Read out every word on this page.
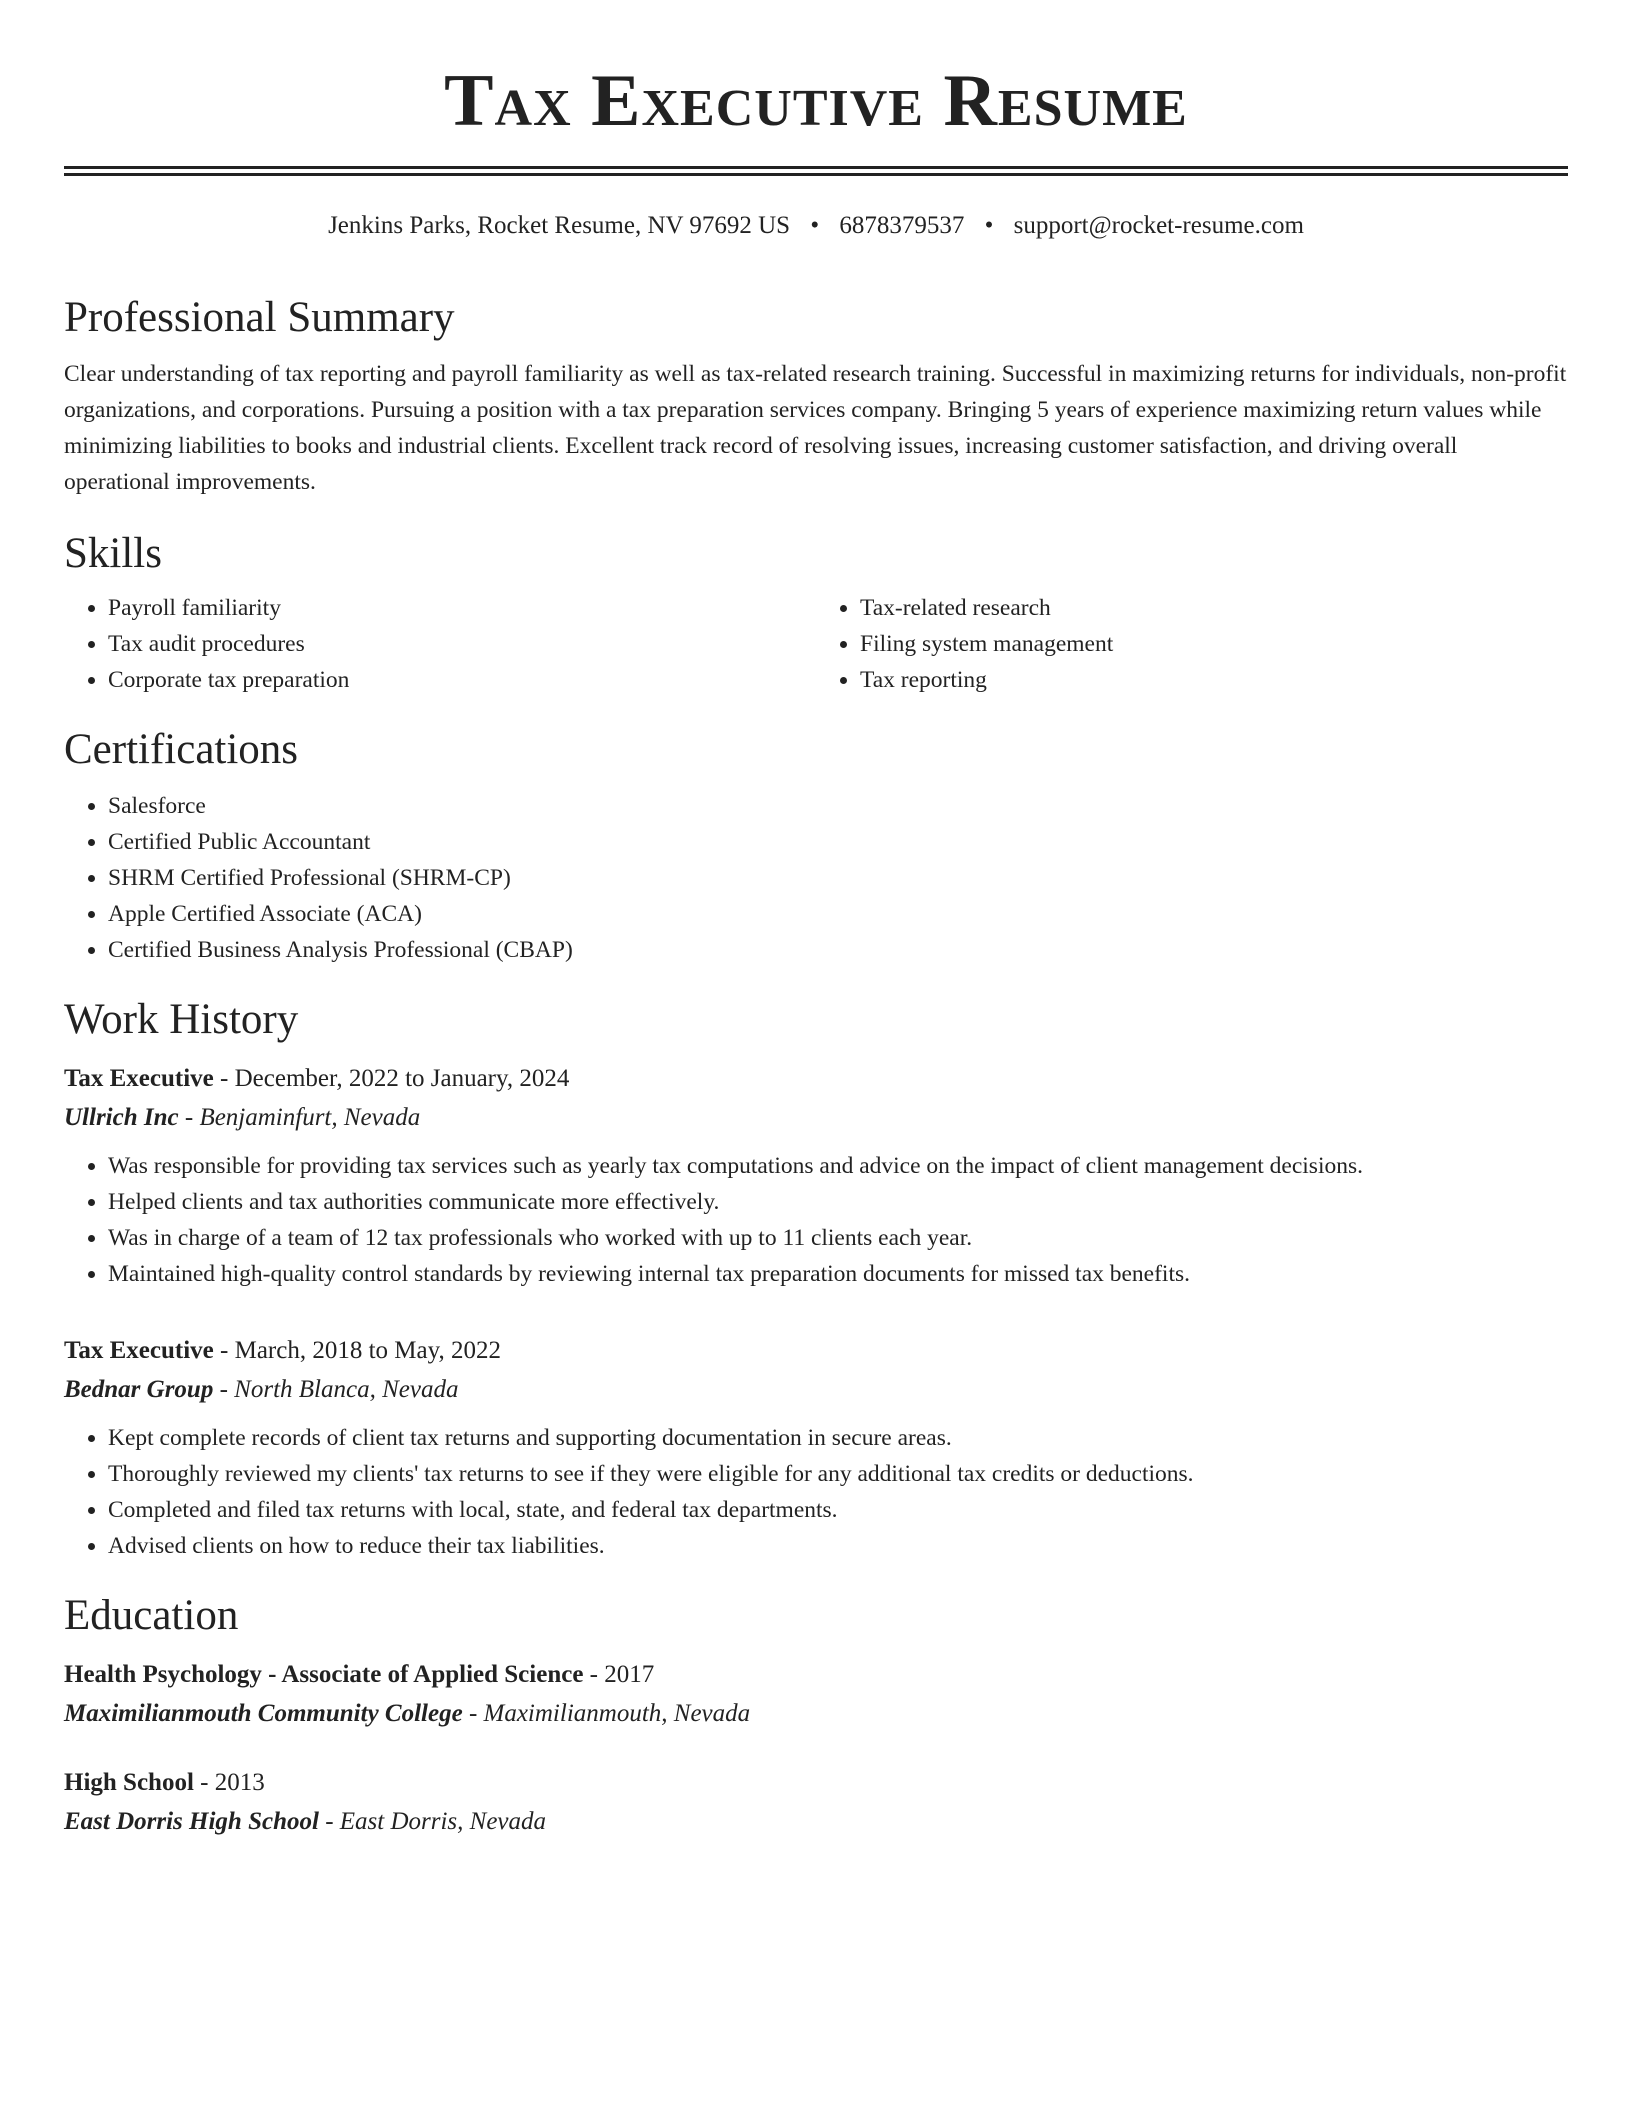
Tax Executive Resume
Jenkins Parks, Rocket Resume, NV 97692 US • 6878379537 • support@rocket-resume.com
Professional Summary
Clear understanding of tax reporting and payroll familiarity as well as tax-related research training. Successful in maximizing returns for individuals, non-profit organizations, and corporations. Pursuing a position with a tax preparation services company. Bringing 5 years of experience maximizing return values while minimizing liabilities to books and industrial clients. Excellent track record of resolving issues, increasing customer satisfaction, and driving overall operational improvements.
Skills
• Payroll familiarity
• Tax audit procedures
• Corporate tax preparation
• Tax-related research
• Filing system management
• Tax reporting
Certifications
• Salesforce
• Certified Public Accountant
• SHRM Certified Professional (SHRM-CP)
• Apple Certified Associate (ACA)
• Certified Business Analysis Professional (CBAP)
Work History
Tax Executive - December, 2022 to January, 2024
Ullrich Inc - Benjaminfurt, Nevada
• Was responsible for providing tax services such as yearly tax computations and advice on the impact of client management decisions.
• Helped clients and tax authorities communicate more effectively.
• Was in charge of a team of 12 tax professionals who worked with up to 11 clients each year.
• Maintained high-quality control standards by reviewing internal tax preparation documents for missed tax benefits.
Tax Executive - March, 2018 to May, 2022
Bednar Group - North Blanca, Nevada
• Kept complete records of client tax returns and supporting documentation in secure areas.
• Thoroughly reviewed my clients' tax returns to see if they were eligible for any additional tax credits or deductions.
• Completed and filed tax returns with local, state, and federal tax departments.
• Advised clients on how to reduce their tax liabilities.
Education
Health Psychology - Associate of Applied Science - 2017
Maximilianmouth Community College - Maximilianmouth, Nevada
High School - 2013
East Dorris High School - East Dorris, Nevada
